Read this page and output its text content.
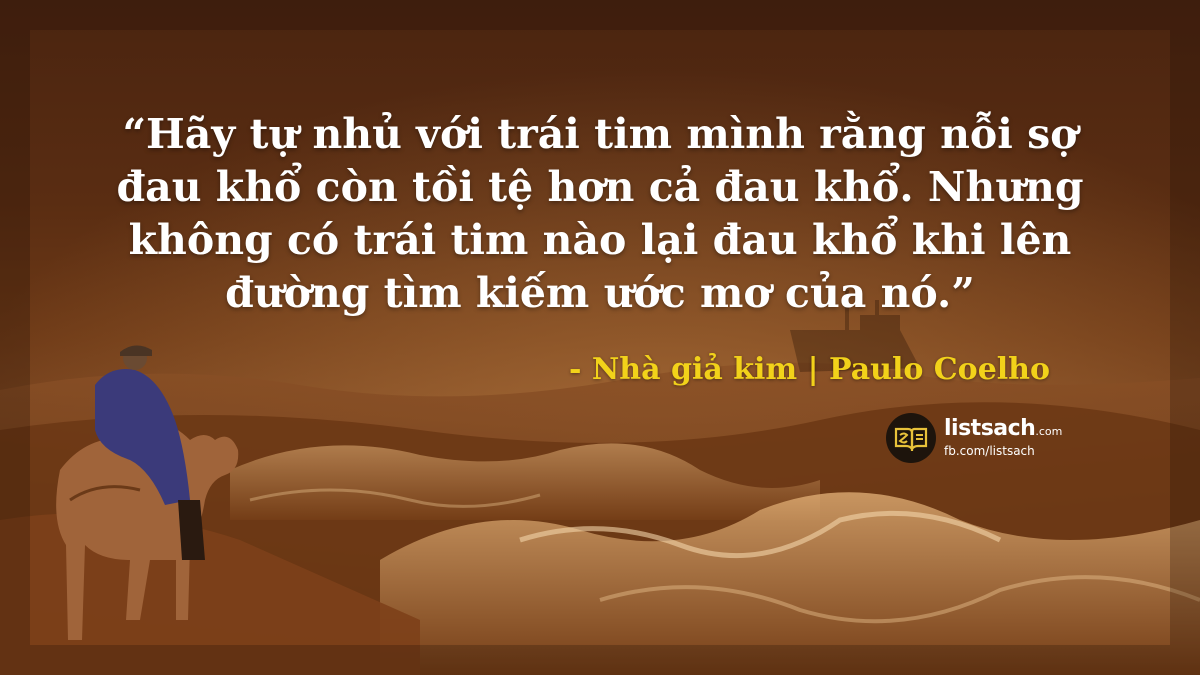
“Hãy tự nhủ với trái tim mình rằng nỗi sợ
đau khổ còn tồi tệ hơn cả đau khổ. Nhưng
không có trái tim nào lại đau khổ khi lên
đường tìm kiếm ước mơ của nó.”
- Nhà giả kim | Paulo Coelho
listsach.com
fb.com/listsach
